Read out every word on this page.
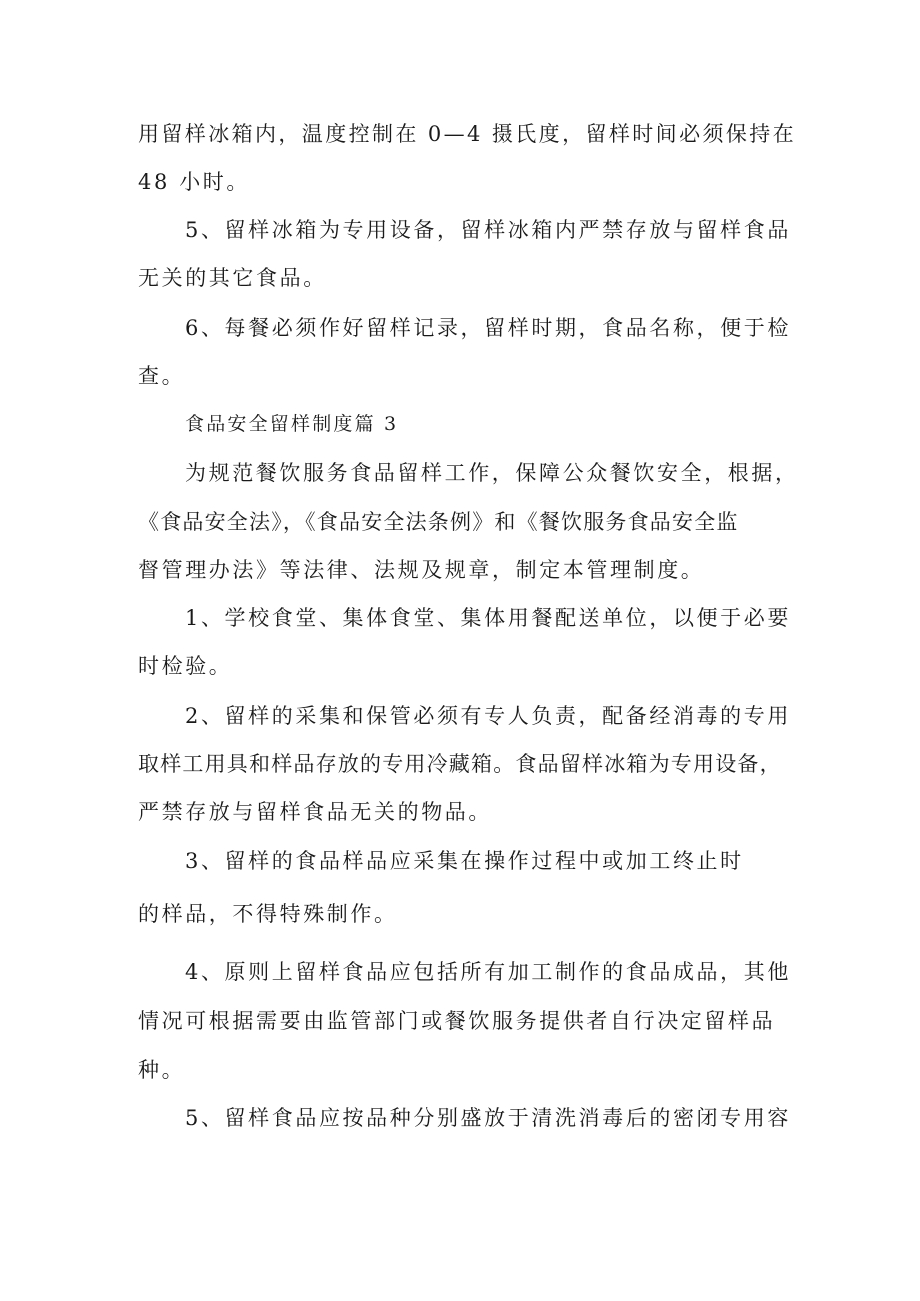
用留样冰箱内，温度控制在 0—4 摄氏度，留样时间必须保持在

48 小时。

5、留样冰箱为专用设备，留样冰箱内严禁存放与留样食品

无关的其它食品。

6、每餐必须作好留样记录，留样时期，食品名称，便于检

查。

食品安全留样制度篇 3

为规范餐饮服务食品留样工作，保障公众餐饮安全，根据，

《食品安全法》，《食品安全法条例》和《餐饮服务食品安全监

督管理办法》等法律、法规及规章，制定本管理制度。

1、学校食堂、集体食堂、集体用餐配送单位，以便于必要

时检验。

2、留样的采集和保管必须有专人负责，配备经消毒的专用

取样工用具和样品存放的专用冷藏箱。食品留样冰箱为专用设备，

严禁存放与留样食品无关的物品。

3、留样的食品样品应采集在操作过程中或加工终止时

的样品，不得特殊制作。

4、原则上留样食品应包括所有加工制作的食品成品，其他

情况可根据需要由监管部门或餐饮服务提供者自行决定留样品

种。

5、留样食品应按品种分别盛放于清洗消毒后的密闭专用容
